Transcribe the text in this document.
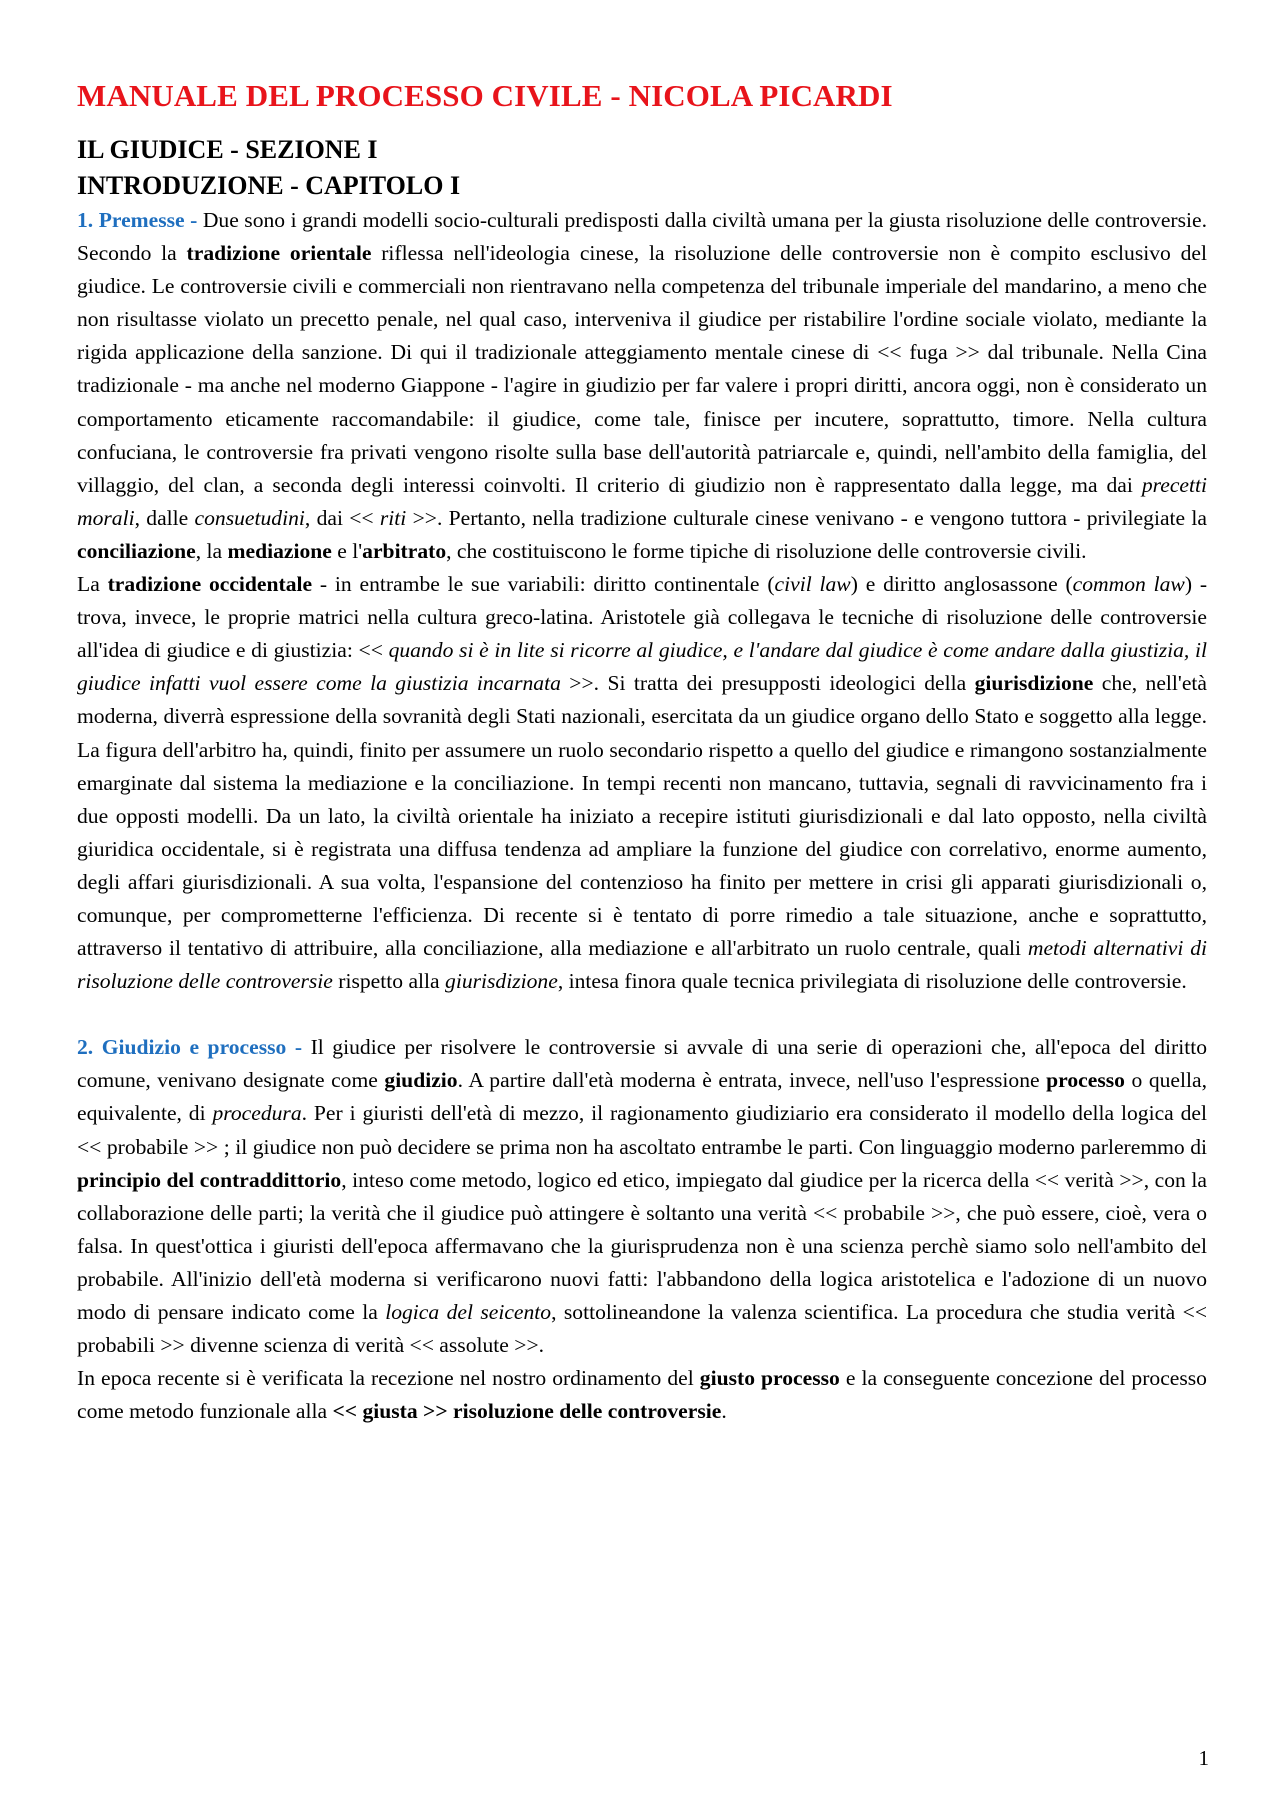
MANUALE DEL PROCESSO CIVILE - NICOLA PICARDI
IL GIUDICE - SEZIONE I
INTRODUZIONE - CAPITOLO I

1. Premesse - Due sono i grandi modelli socio-culturali predisposti dalla civiltà umana per la giusta risoluzione delle controversie. Secondo la tradizione orientale riflessa nell'ideologia cinese, la risoluzione delle controversie non è compito esclusivo del giudice. Le controversie civili e commerciali non rientravano nella competenza del tribunale imperiale del mandarino, a meno che non risultasse violato un precetto penale, nel qual caso, interveniva il giudice per ristabilire l'ordine sociale violato, mediante la rigida applicazione della sanzione. Di qui il tradizionale atteggiamento mentale cinese di << fuga >> dal tribunale. Nella Cina tradizionale - ma anche nel moderno Giappone - l'agire in giudizio per far valere i propri diritti, ancora oggi, non è considerato un comportamento eticamente raccomandabile: il giudice, come tale, finisce per incutere, soprattutto, timore. Nella cultura confuciana, le controversie fra privati vengono risolte sulla base dell'autorità patriarcale e, quindi, nell'ambito della famiglia, del villaggio, del clan, a seconda degli interessi coinvolti. Il criterio di giudizio non è rappresentato dalla legge, ma dai precetti morali, dalle consuetudini, dai << riti >>. Pertanto, nella tradizione culturale cinese venivano - e vengono tuttora - privilegiate la conciliazione, la mediazione e l'arbitrato, che costituiscono le forme tipiche di risoluzione delle controversie civili.

La tradizione occidentale - in entrambe le sue variabili: diritto continentale (civil law) e diritto anglosassone (common law) - trova, invece, le proprie matrici nella cultura greco-latina. Aristotele già collegava le tecniche di risoluzione delle controversie all'idea di giudice e di giustizia: << quando si è in lite si ricorre al giudice, e l'andare dal giudice è come andare dalla giustizia, il giudice infatti vuol essere come la giustizia incarnata >>. Si tratta dei presupposti ideologici della giurisdizione che, nell'età moderna, diverrà espressione della sovranità degli Stati nazionali, esercitata da un giudice organo dello Stato e soggetto alla legge. La figura dell'arbitro ha, quindi, finito per assumere un ruolo secondario rispetto a quello del giudice e rimangono sostanzialmente emarginate dal sistema la mediazione e la conciliazione. In tempi recenti non mancano, tuttavia, segnali di ravvicinamento fra i due opposti modelli. Da un lato, la civiltà orientale ha iniziato a recepire istituti giurisdizionali e dal lato opposto, nella civiltà giuridica occidentale, si è registrata una diffusa tendenza ad ampliare la funzione del giudice con correlativo, enorme aumento, degli affari giurisdizionali. A sua volta, l'espansione del contenzioso ha finito per mettere in crisi gli apparati giurisdizionali o, comunque, per comprometterne l'efficienza. Di recente si è tentato di porre rimedio a tale situazione, anche e soprattutto, attraverso il tentativo di attribuire, alla conciliazione, alla mediazione e all'arbitrato un ruolo centrale, quali metodi alternativi di risoluzione delle controversie rispetto alla giurisdizione, intesa finora quale tecnica privilegiata di risoluzione delle controversie.

2. Giudizio e processo - Il giudice per risolvere le controversie si avvale di una serie di operazioni che, all'epoca del diritto comune, venivano designate come giudizio. A partire dall'età moderna è entrata, invece, nell'uso l'espressione processo o quella, equivalente, di procedura. Per i giuristi dell'età di mezzo, il ragionamento giudiziario era considerato il modello della logica del << probabile >> ; il giudice non può decidere se prima non ha ascoltato entrambe le parti. Con linguaggio moderno parleremmo di principio del contraddittorio, inteso come metodo, logico ed etico, impiegato dal giudice per la ricerca della << verità >>, con la collaborazione delle parti; la verità che il giudice può attingere è soltanto una verità << probabile >>, che può essere, cioè, vera o falsa. In quest'ottica i giuristi dell'epoca affermavano che la giurisprudenza non è una scienza perchè siamo solo nell'ambito del probabile. All'inizio dell'età moderna si verificarono nuovi fatti: l'abbandono della logica aristotelica e l'adozione di un nuovo modo di pensare indicato come la logica del seicento, sottolineandone la valenza scientifica. La procedura che studia verità << probabili >> divenne scienza di verità << assolute >>.

In epoca recente si è verificata la recezione nel nostro ordinamento del giusto processo e la conseguente concezione del processo come metodo funzionale alla << giusta >> risoluzione delle controversie.

1
